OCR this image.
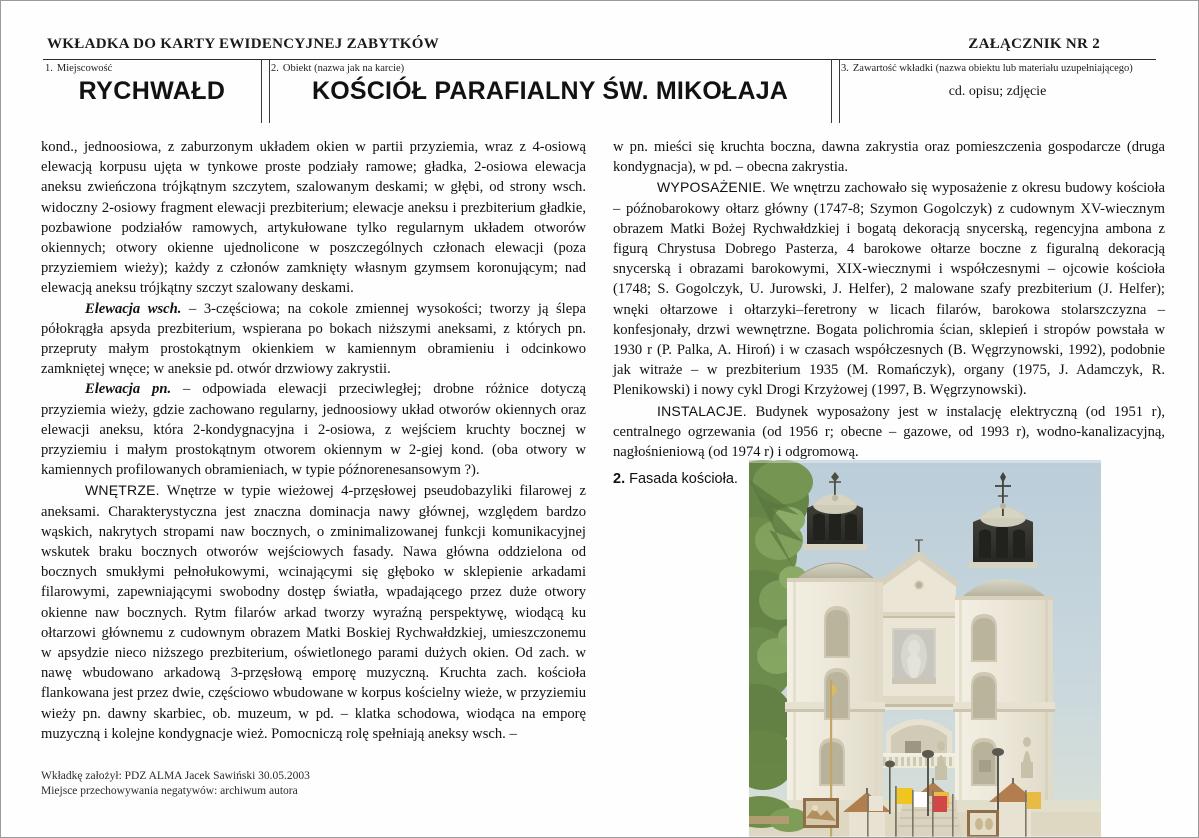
WKŁADKA DO KARTY EWIDENCYJNEJ ZABYTKÓW	ZAŁĄCZNIK NR 2
1. Miejscowość
RYCHWAŁD
2. Obiekt (nazwa jak na karcie)
KOŚCIÓŁ PARAFIALNY ŚW. MIKOŁAJA
3. Zawartość wkładki (nazwa obiektu lub materiału uzupełniającego)
cd. opisu; zdjęcie

kond., jednoosiowa, z zaburzonym układem okien w partii przyziemia, wraz z 4-osiową elewacją korpusu ujęta w tynkowe proste podziały ramowe; gładka, 2-osiowa elewacja aneksu zwieńczona trójkątnym szczytem, szalowanym deskami; w głębi, od strony wsch. widoczny 2-osiowy fragment elewacji prezbiterium; elewacje aneksu i prezbiterium gładkie, pozbawione podziałów ramowych, artykułowane tylko regularnym układem otworów okiennych; otwory okienne ujednolicone w poszczególnych członach elewacji (poza przyziemiem wieży); każdy z członów zamknięty własnym gzymsem koronującym; nad elewacją aneksu trójkątny szczyt szalowany deskami.

Elewacja wsch. – 3-częściowa; na cokole zmiennej wysokości; tworzy ją ślepa półokrągła apsyda prezbiterium, wspierana po bokach niższymi aneksami, z których pn. przepruty małym prostokątnym okienkiem w kamiennym obramieniu i odcinkowo zamkniętej wnęce; w aneksie pd. otwór drzwiowy zakrystii.

Elewacja pn. – odpowiada elewacji przeciwległej; drobne różnice dotyczą przyziemia wieży, gdzie zachowano regularny, jednoosiowy układ otworów okiennych oraz elewacji aneksu, która 2-kondygnacyjna i 2-osiowa, z wejściem kruchty bocznej w przyziemiu i małym prostokątnym otworem okiennym w 2-giej kond. (oba otwory w kamiennych profilowanych obramieniach, w typie późnorenesansowym ?).

WNĘTRZE. Wnętrze w typie wieżowej 4-przęsłowej pseudobazyliki filarowej z aneksami. Charakterystyczna jest znaczna dominacja nawy głównej, względem bardzo wąskich, nakrytych stropami naw bocznych, o zminimalizowanej funkcji komunikacyjnej wskutek braku bocznych otworów wejściowych fasady. Nawa główna oddzielona od bocznych smukłymi pełnołukowymi, wcinającymi się głęboko w sklepienie arkadami filarowymi, zapewniającymi swobodny dostęp światła, wpadającego przez duże otwory okienne naw bocznych. Rytm filarów arkad tworzy wyraźną perspektywę, wiodącą ku ołtarzowi głównemu z cudownym obrazem Matki Boskiej Rychwałdzkiej, umieszczonemu w apsydzie nieco niższego prezbiterium, oświetlonego parami dużych okien. Od zach. w nawę wbudowano arkadową 3-przęsłową emporę muzyczną. Kruchta zach. kościoła flankowana jest przez dwie, częściowo wbudowane w korpus kościelny wieże, w przyziemiu wieży pn. dawny skarbiec, ob. muzeum, w pd. – klatka schodowa, wiodąca na emporę muzyczną i kolejne kondygnacje wież. Pomocniczą rolę spełniają aneksy wsch. –

w pn. mieści się kruchta boczna, dawna zakrystia oraz pomieszczenia gospodarcze (druga kondygnacja), w pd. – obecna zakrystia.

WYPOSAŻENIE. We wnętrzu zachowało się wyposażenie z okresu budowy kościoła – późnobarokowy ołtarz główny (1747-8; Szymon Gogolczyk) z cudownym XV-wiecznym obrazem Matki Bożej Rychwałdzkiej i bogatą dekoracją snycerską, regencyjna ambona z figurą Chrystusa Dobrego Pasterza, 4 barokowe ołtarze boczne z figuralną dekoracją snycerską i obrazami barokowymi, XIX-wiecznymi i współczesnymi – ojcowie kościoła (1748; S. Gogolczyk, U. Jurowski, J. Helfer), 2 malowane szafy prezbiterium (J. Helfer); wnęki ołtarzowe i ołtarzyki–feretrony w licach filarów, barokowa stolarszczyzna – konfesjonały, drzwi wewnętrzne. Bogata polichromia ścian, sklepień i stropów powstała w 1930 r (P. Palka, A. Hiroń) i w czasach współczesnych (B. Węgrzynowski, 1992), podobnie jak witraże – w prezbiterium 1935 (M. Romańczyk), organy (1975, J. Adamczyk, R. Plenikowski) i nowy cykl Drogi Krzyżowej (1997, B. Węgrzynowski).

INSTALACJE. Budynek wyposażony jest w instalację elektryczną (od 1951 r), centralnego ogrzewania (od 1956 r; obecne – gazowe, od 1993 r), wodno-kanalizacyjną, nagłośnieniową (od 1974 r) i odgromową.

2. Fasada kościoła.
Wkładkę założył: PDZ ALMA Jacek Sawiński 30.05.2003
Miejsce przechowywania negatywów: archiwum autora
